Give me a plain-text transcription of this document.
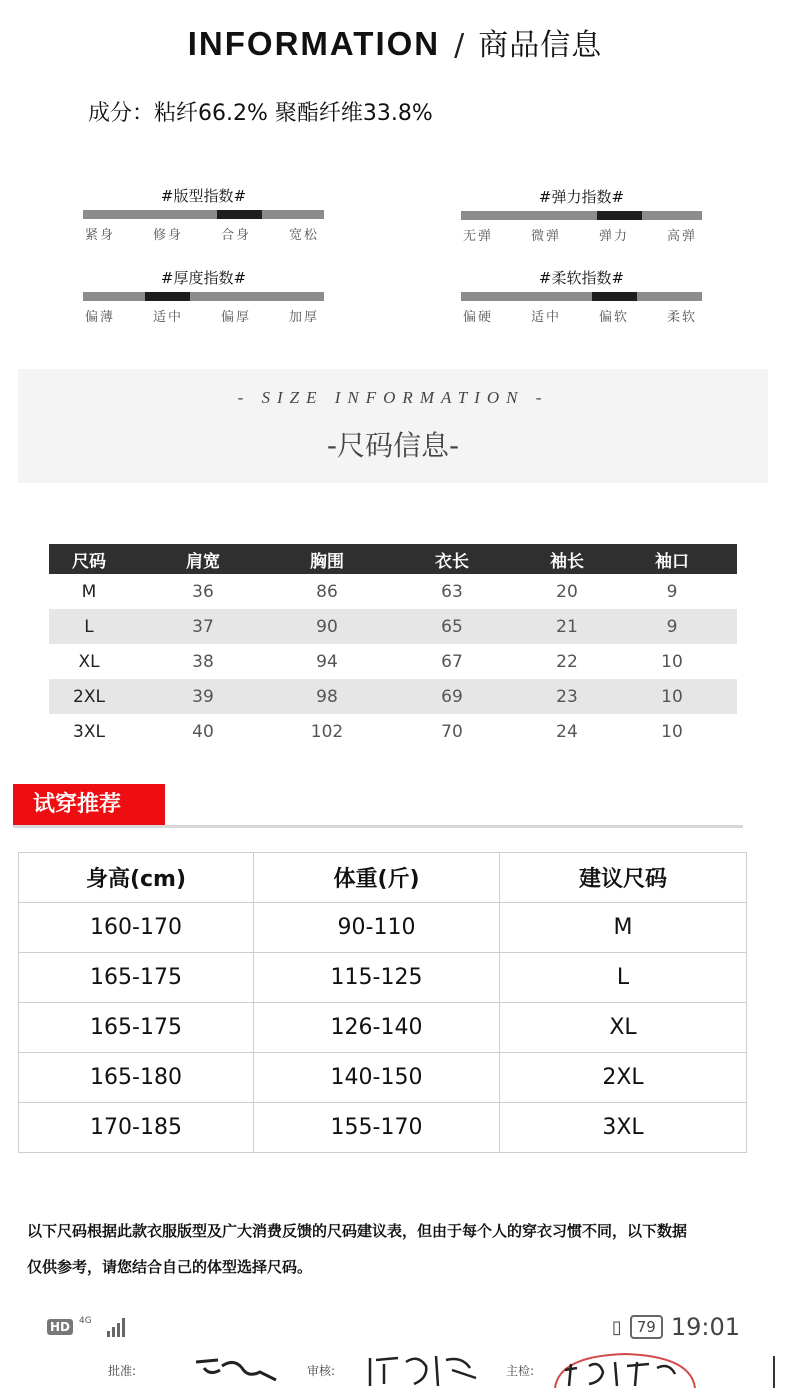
INFORMATION / 商品信息
成分：粘纤66.2% 聚酯纤维33.8%
#版型指数#
紧身	修身	合身	宽松
#弹力指数#
无弹	微弹	弹力	高弹
#厚度指数#
偏薄	适中	偏厚	加厚
#柔软指数#
偏硬	适中	偏软	柔软
- SIZE INFORMATION -
-尺码信息-
尺码	肩宽	胸围	衣长	袖长	袖口
M	36	86	63	20	9
L	37	90	65	21	9
XL	38	94	67	22	10
2XL	39	98	69	23	10
3XL	40	102	70	24	10
试穿推荐
身高(cm)	体重(斤)	建议尺码
160-170	90-110	M
165-175	115-125	L
165-175	126-140	XL
165-180	140-150	2XL
170-185	155-170	3XL
以下尺码根据此款衣服版型及广大消费反馈的尺码建议表，但由于每个人的穿衣习惯不同，以下数据
仅供参考，请您结合自己的体型选择尺码。
HD	4G	▯	79 19:01
批准:	审核:	主检:
